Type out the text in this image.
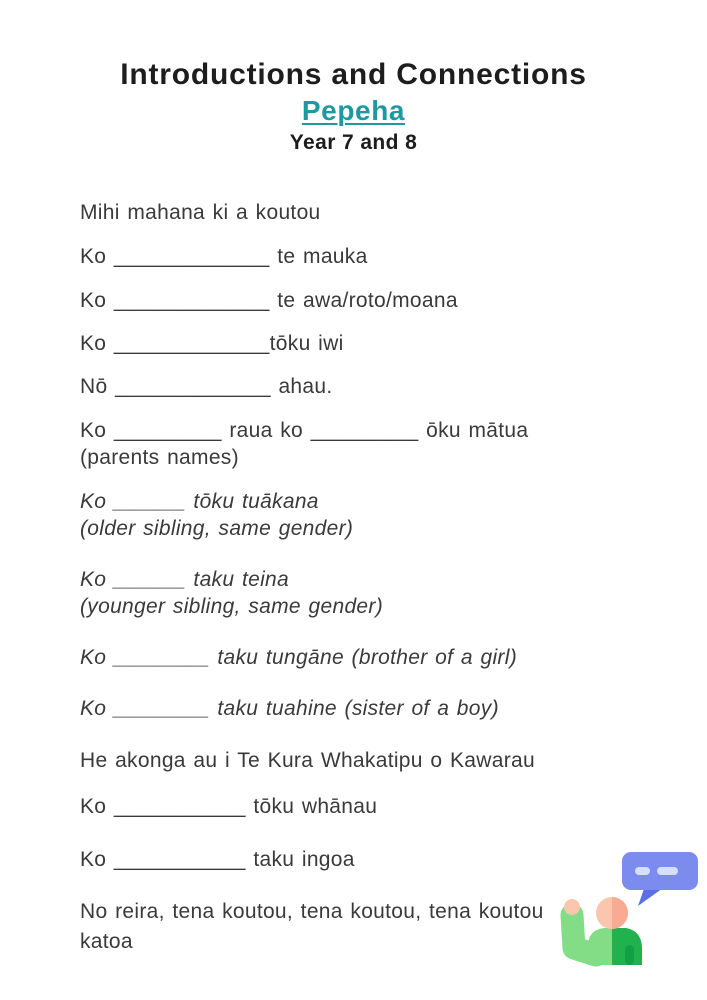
Introductions and Connections
Pepeha
Year 7 and 8

Mihi mahana ki a koutou

Ko _____________ te mauka

Ko _____________ te awa/roto/moana

Ko _____________tōku iwi

Nō _____________ ahau.

Ko _________ raua ko _________ ōku mātua

(parents names)

Ko ______ tōku tuākana

(older sibling, same gender)

Ko ______ taku teina

(younger sibling, same gender)

Ko ________ taku tungāne (brother of a girl)

Ko ________ taku tuahine (sister of a boy)

He akonga au i Te Kura Whakatipu o Kawarau

Ko ___________ tōku whānau

Ko ___________ taku ingoa

No reira, tena koutou, tena koutou, tena koutou

katoa
